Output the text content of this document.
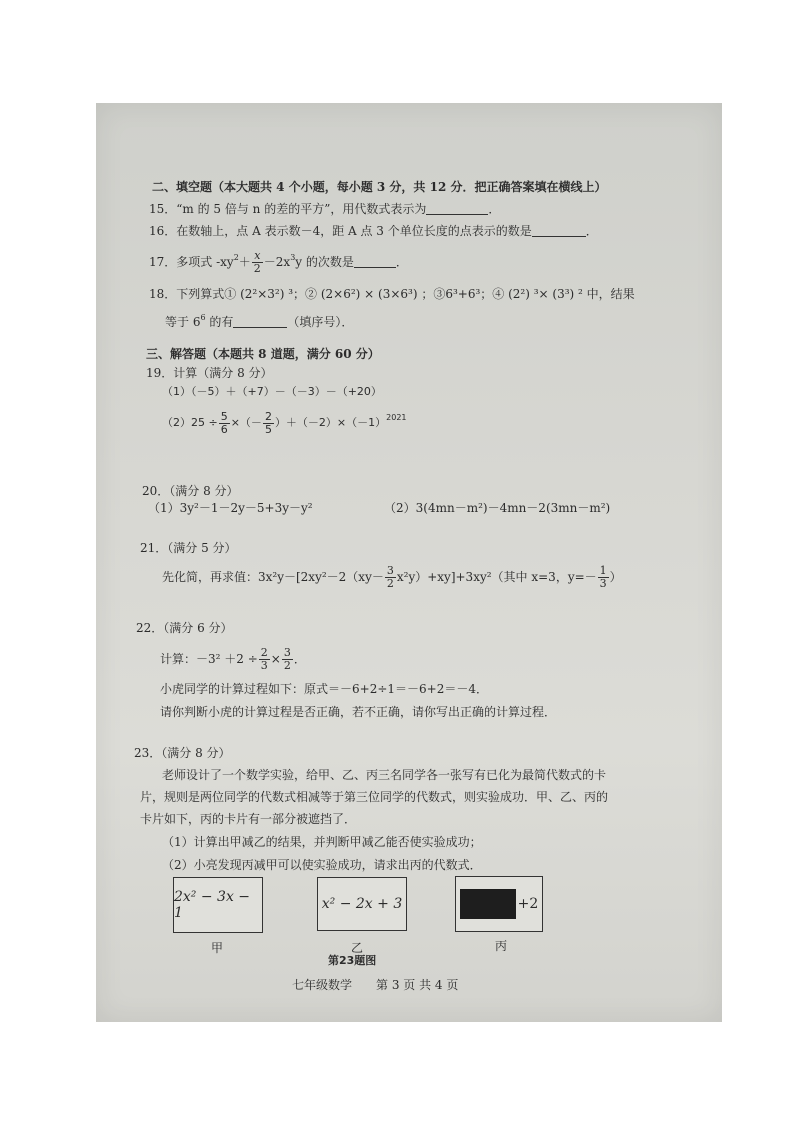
二、填空题（本大题共 4 个小题，每小题 3 分，共 12 分．把正确答案填在横线上）
15．“m 的 5 倍与 n 的差的平方”，用代数式表示为	．
16．在数轴上，点 A 表示数－4，距 A 点 3 个单位长度的点表示的数是	．
17．多项式 $-xy^2+ \frac{x}{2} -2x^3y$ 的次数是	．
18．下列算式① (2²×3²) ³；② (2×6²) × (3×6³) ；③6³+6³；④ (2²) ³× (3³) ² 中，结果
等于 $6^6$ 的有	（填序号）．
三、解答题（本题共 8 道题，满分 60 分）
19．计算（满分 8 分）
（1）（－5）＋（+7）－（－3）－（+20）
$(2)25 \div \frac{5}{6}$ ×（－ $\frac{2}{5} )+(-2)\times(-1)^{2021}$
20．（满分 8 分）
（1）3y²－1－2y－5+3y－y²	（2）3(4mn－m²)－4mn－2(3mn－m²)
21．（满分 5 分）
先化简，再求值：$3x^2y-[2xy^2-2(xy- \frac{3}{2} x^2y)+xy]+3xy^2$（其中 x=3，$y=- \frac{1}{3}$ ）
22．（满分 6 分）
计算：$-3^2 +2 \div \frac{2}{3} \times \frac{3}{2}$ ．
小虎同学的计算过程如下：原式＝－6+2÷1＝－6+2＝－4．
请你判断小虎的计算过程是否正确，若不正确，请你写出正确的计算过程．
23．（满分 8 分）
老师设计了一个数学实验，给甲、乙、丙三名同学各一张写有已化为最简代数式的卡
片，规则是两位同学的代数式相减等于第三位同学的代数式，则实验成功．甲、乙、丙的
卡片如下，丙的卡片有一部分被遮挡了．
（1）计算出甲减乙的结果，并判断甲减乙能否使实验成功；
（2）小亮发现丙减甲可以使实验成功，请求出丙的代数式．
2x² − 3x − 1
甲
x² − 2x + 3
乙
+2
丙
第23题图
七年级数学　　第 3 页 共 4 页
